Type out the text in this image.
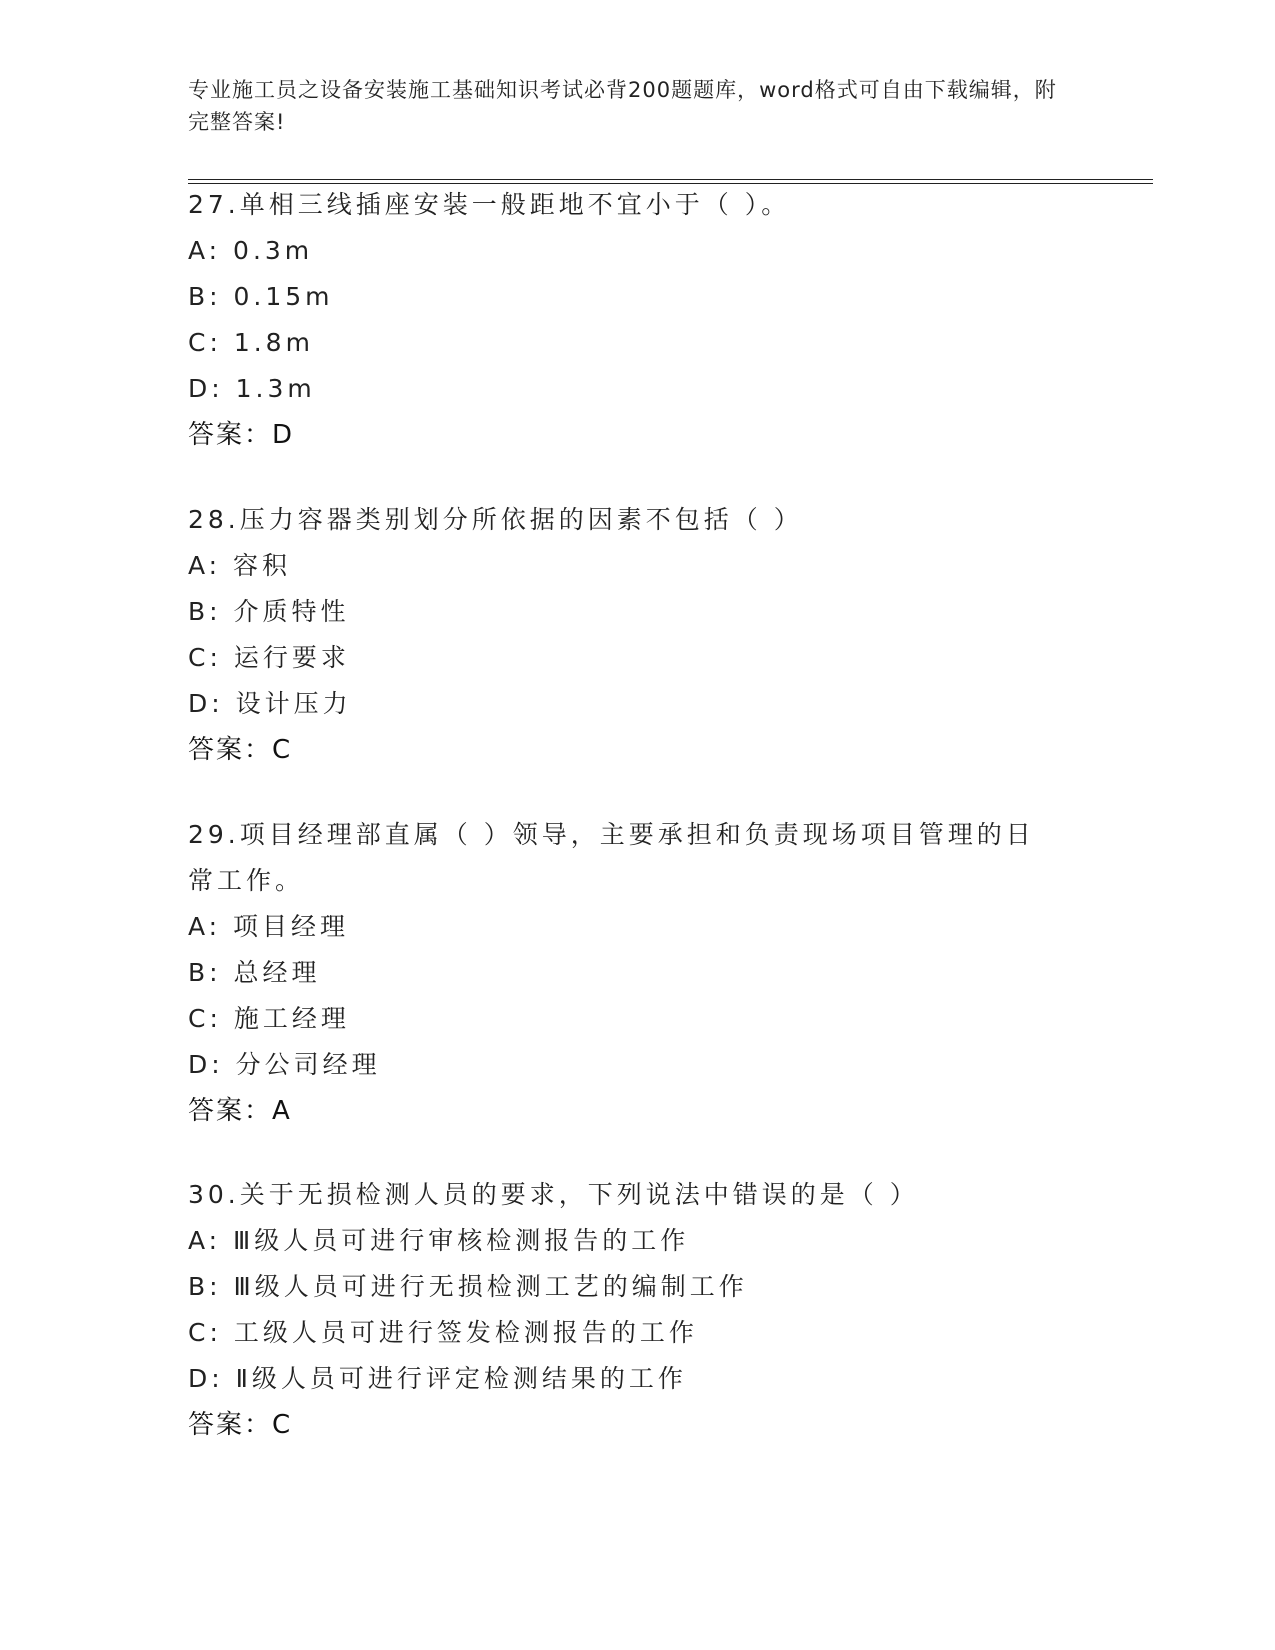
专业施工员之设备安装施工基础知识考试必背200题题库，word格式可自由下载编辑，附完整答案!
27.单相三线插座安装一般距地不宜小于（ ）。
A: 0.3m
B: 0.15m
C: 1.8m
D: 1.3m
答案：D
28.压力容器类别划分所依据的因素不包括（ ）
A: 容积
B: 介质特性
C: 运行要求
D: 设计压力
答案：C
29.项目经理部直属（ ）领导，主要承担和负责现场项目管理的日常工作。
A: 项目经理
B: 总经理
C: 施工经理
D: 分公司经理
答案：A
30.关于无损检测人员的要求，下列说法中错误的是（ ）
A: Ⅲ级人员可进行审核检测报告的工作
B: Ⅲ级人员可进行无损检测工艺的编制工作
C: 工级人员可进行签发检测报告的工作
D: Ⅱ级人员可进行评定检测结果的工作
答案：C
